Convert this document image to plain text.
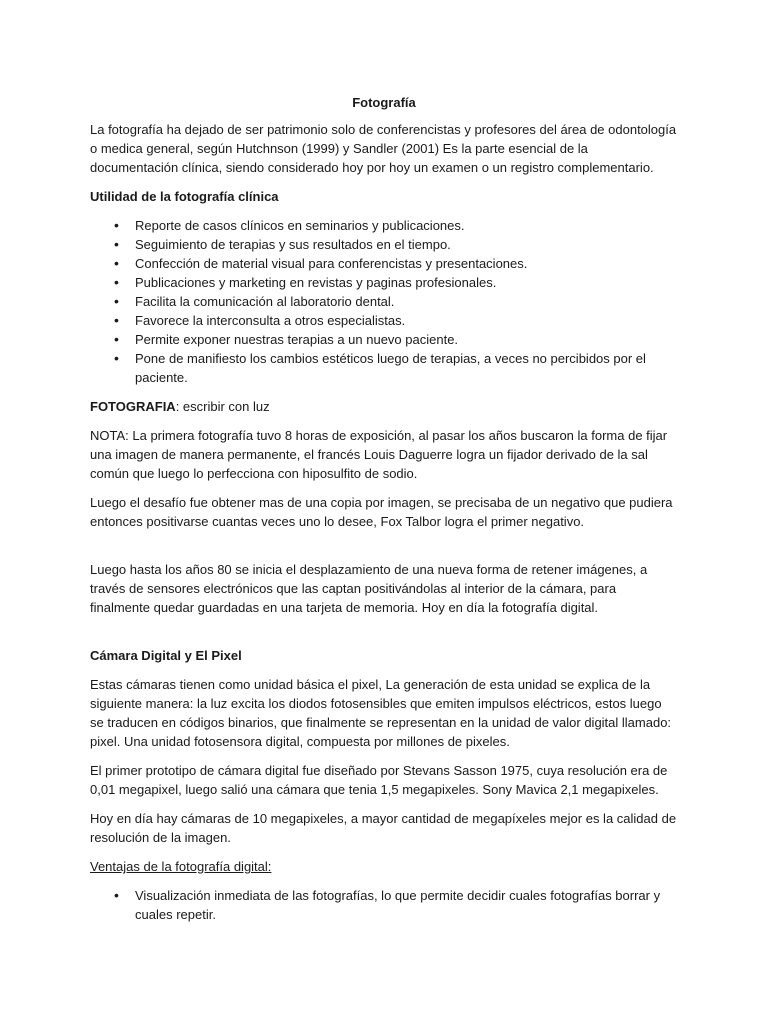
Fotografía

La fotografía ha dejado de ser patrimonio solo de conferencistas y profesores del área de odontología o medica general, según Hutchnson (1999) y Sandler (2001) Es la parte esencial de la documentación clínica, siendo considerado hoy por hoy un examen o un registro complementario.

Utilidad de la fotografía clínica
• Reporte de casos clínicos en seminarios y publicaciones.
• Seguimiento de terapias y sus resultados en el tiempo.
• Confección de material visual para conferencistas y presentaciones.
• Publicaciones y marketing en revistas y paginas profesionales.
• Facilita la comunicación al laboratorio dental.
• Favorece la interconsulta a otros especialistas.
• Permite exponer nuestras terapias a un nuevo paciente.
• Pone de manifiesto los cambios estéticos luego de terapias, a veces no percibidos por el paciente.

FOTOGRAFIA: escribir con luz

NOTA: La primera fotografía tuvo 8 horas de exposición, al pasar los años buscaron la forma de fijar una imagen de manera permanente, el francés Louis Daguerre logra un fijador derivado de la sal común que luego lo perfecciona con hiposulfito de sodio.

Luego el desafío fue obtener mas de una copia por imagen, se precisaba de un negativo que pudiera entonces positivarse cuantas veces uno lo desee, Fox Talbor logra el primer negativo.

Luego hasta los años 80 se inicia el desplazamiento de una nueva forma de retener imágenes, a través de sensores electrónicos que las captan positivándolas al interior de la cámara, para finalmente quedar guardadas en una tarjeta de memoria. Hoy en día la fotografía digital.

Cámara Digital y El Pixel

Estas cámaras tienen como unidad básica el pixel, La generación de esta unidad se explica de la siguiente manera: la luz excita los diodos fotosensibles que emiten impulsos eléctricos, estos luego se traducen en códigos binarios, que finalmente se representan en la unidad de valor digital llamado: pixel. Una unidad fotosensora digital, compuesta por millones de pixeles.

El primer prototipo de cámara digital fue diseñado por Stevans Sasson 1975, cuya resolución era de 0,01 megapixel, luego salió una cámara que tenia 1,5 megapixeles. Sony Mavica 2,1 megapixeles.

Hoy en día hay cámaras de 10 megapixeles, a mayor cantidad de megapíxeles mejor es la calidad de resolución de la imagen.

Ventajas de la fotografía digital:
• Visualización inmediata de las fotografías, lo que permite decidir cuales fotografías borrar y cuales repetir.
